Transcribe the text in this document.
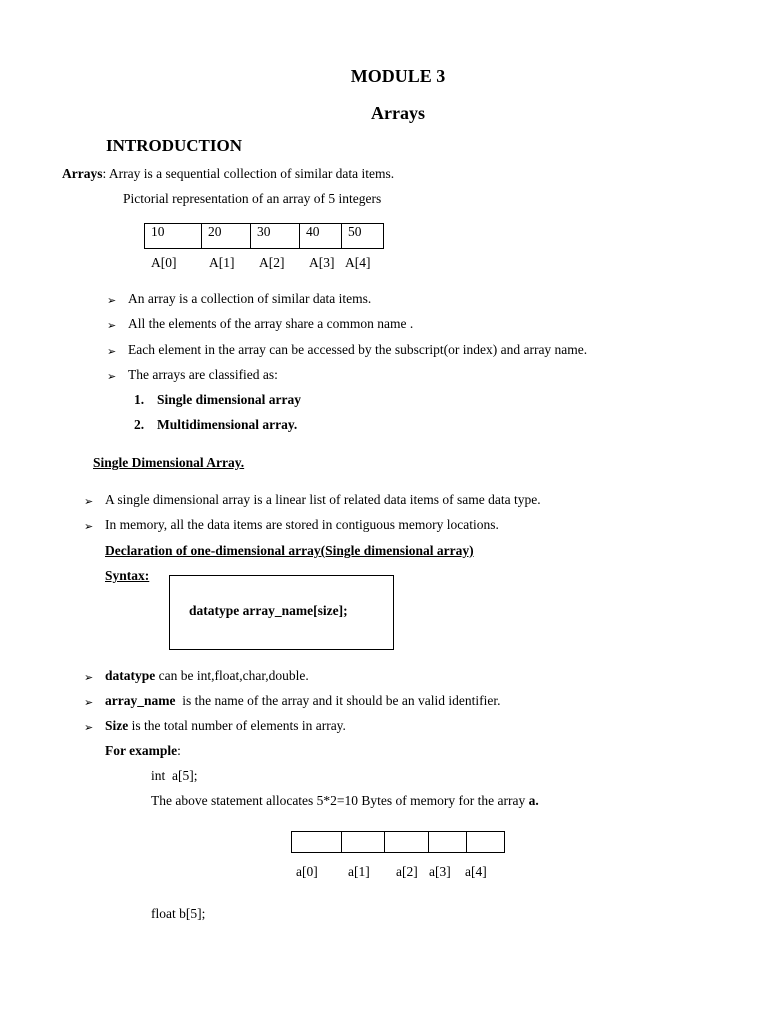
MODULE 3
Arrays
INTRODUCTION
Arrays: Array is a sequential collection of similar data items.
Pictorial representation of an array of 5 integers
10	20	30	40	50
A[0] A[1] A[2] A[3] A[4]
➢ An array is a collection of similar data items.
➢ All the elements of the array share a common name .
➢ Each element in the array can be accessed by the subscript(or index) and array name.
➢ The arrays are classified as:
1. Single dimensional array
2. Multidimensional array.
Single Dimensional Array.
➢ A single dimensional array is a linear list of related data items of same data type.
➢ In memory, all the data items are stored in contiguous memory locations.
Declaration of one-dimensional array(Single dimensional array)
Syntax:
datatype array_name[size];
➢ datatype can be int,float,char,double.
➢ array_name  is the name of the array and it should be an valid identifier.
➢ Size is the total number of elements in array.
For example:
int  a[5];
The above statement allocates 5*2=10 Bytes of memory for the array a.

a[0] a[1] a[2] a[3] a[4]
float b[5];
